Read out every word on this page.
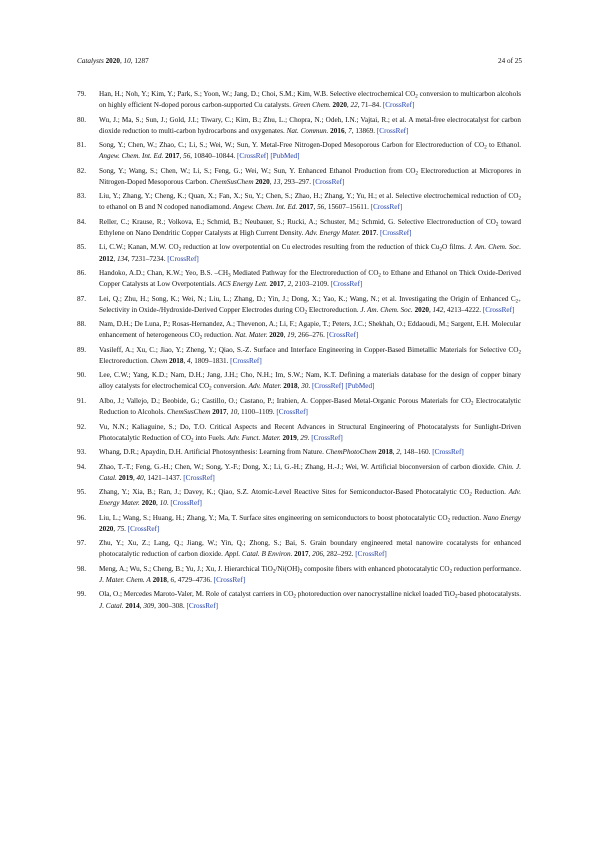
Catalysts 2020, 10, 1287	24 of 25
79. Han, H.; Noh, Y.; Kim, Y.; Park, S.; Yoon, W.; Jang, D.; Choi, S.M.; Kim, W.B. Selective electrochemical $CO_2$ conversion to multicarbon alcohols on highly efficient N-doped porous carbon-supported Cu catalysts. Green Chem. 2020, 22, 71–84. [CrossRef]
80. Wu, J.; Ma, S.; Sun, J.; Gold, J.I.; Tiwary, C.; Kim, B.; Zhu, L.; Chopra, N.; Odeh, I.N.; Vajtai, R.; et al. A metal-free electrocatalyst for carbon dioxide reduction to multi-carbon hydrocarbons and oxygenates. Nat. Commun. 2016, 7, 13869. [CrossRef]
81. Song, Y.; Chen, W.; Zhao, C.; Li, S.; Wei, W.; Sun, Y. Metal-Free Nitrogen-Doped Mesoporous Carbon for Electroreduction of $CO_2$ to Ethanol. Angew. Chem. Int. Ed. 2017, 56, 10840–10844. [CrossRef] [PubMed]
82. Song, Y.; Wang, S.; Chen, W.; Li, S.; Feng, G.; Wei, W.; Sun, Y. Enhanced Ethanol Production from $CO_2$ Electroreduction at Micropores in Nitrogen-Doped Mesoporous Carbon. ChemSusChem 2020, 13, 293–297. [CrossRef]
83. Liu, Y.; Zhang, Y.; Cheng, K.; Quan, X.; Fan, X.; Su, Y.; Chen, S.; Zhao, H.; Zhang, Y.; Yu, H.; et al. Selective electrochemical reduction of $CO_2$ to ethanol on B and N codoped nanodiamond. Angew. Chem. Int. Ed. 2017, 56, 15607–15611. [CrossRef]
84. Reller, C.; Krause, R.; Volkova, E.; Schmid, B.; Neubauer, S.; Rucki, A.; Schuster, M.; Schmid, G. Selective Electroreduction of $CO_2$ toward Ethylene on Nano Dendritic Copper Catalysts at High Current Density. Adv. Energy Mater. 2017. [CrossRef]
85. Li, C.W.; Kanan, M.W. $CO_2$ reduction at low overpotential on Cu electrodes resulting from the reduction of thick $Cu_2O$ films. J. Am. Chem. Soc. 2012, 134, 7231–7234. [CrossRef]
86. Handoko, A.D.; Chan, K.W.; Yeo, B.S. $-CH_3$ Mediated Pathway for the Electroreduction of $CO_2$ to Ethane and Ethanol on Thick Oxide-Derived Copper Catalysts at Low Overpotentials. ACS Energy Lett. 2017, 2, 2103–2109. [CrossRef]
87. Lei, Q.; Zhu, H.; Song, K.; Wei, N.; Liu, L.; Zhang, D.; Yin, J.; Dong, X.; Yao, K.; Wang, N.; et al. Investigating the Origin of Enhanced $C_{2+}$ Selectivity in Oxide-/Hydroxide-Derived Copper Electrodes during $CO_2$ Electroreduction. J. Am. Chem. Soc. 2020, 142, 4213–4222. [CrossRef]
88. Nam, D.H.; De Luna, P.; Rosas-Hernandez, A.; Thevenon, A.; Li, F.; Agapie, T.; Peters, J.C.; Shekhah, O.; Eddaoudi, M.; Sargent, E.H. Molecular enhancement of heterogeneous $CO_2$ reduction. Nat. Mater. 2020, 19, 266–276. [CrossRef]
89. Vasileff, A.; Xu, C.; Jiao, Y.; Zheng, Y.; Qiao, S.-Z. Surface and Interface Engineering in Copper-Based Bimetallic Materials for Selective $CO_2$ Electroreduction. Chem 2018, 4, 1809–1831. [CrossRef]
90. Lee, C.W.; Yang, K.D.; Nam, D.H.; Jang, J.H.; Cho, N.H.; Im, S.W.; Nam, K.T. Defining a materials database for the design of copper binary alloy catalysts for electrochemical $CO_2$ conversion. Adv. Mater. 2018, 30. [CrossRef] [PubMed]
91. Albo, J.; Vallejo, D.; Beobide, G.; Castillo, O.; Castano, P.; Irabien, A. Copper-Based Metal-Organic Porous Materials for $CO_2$ Electrocatalytic Reduction to Alcohols. ChemSusChem 2017, 10, 1100–1109. [CrossRef]
92. Vu, N.N.; Kaliaguine, S.; Do, T.O. Critical Aspects and Recent Advances in Structural Engineering of Photocatalysts for Sunlight-Driven Photocatalytic Reduction of $CO_2$ into Fuels. Adv. Funct. Mater. 2019, 29. [CrossRef]
93. Whang, D.R.; Apaydin, D.H. Artificial Photosynthesis: Learning from Nature. ChemPhotoChem 2018, 2, 148–160. [CrossRef]
94. Zhao, T.-T.; Feng, G.-H.; Chen, W.; Song, Y.-F.; Dong, X.; Li, G.-H.; Zhang, H.-J.; Wei, W. Artificial bioconversion of carbon dioxide. Chin. J. Catal. 2019, 40, 1421–1437. [CrossRef]
95. Zhang, Y.; Xia, B.; Ran, J.; Davey, K.; Qiao, S.Z. Atomic-Level Reactive Sites for Semiconductor-Based Photocatalytic $CO_2$ Reduction. Adv. Energy Mater. 2020, 10. [CrossRef]
96. Liu, L.; Wang, S.; Huang, H.; Zhang, Y.; Ma, T. Surface sites engineering on semiconductors to boost photocatalytic $CO_2$ reduction. Nano Energy 2020, 75. [CrossRef]
97. Zhu, Y.; Xu, Z.; Lang, Q.; Jiang, W.; Yin, Q.; Zhong, S.; Bai, S. Grain boundary engineered metal nanowire cocatalysts for enhanced photocatalytic reduction of carbon dioxide. Appl. Catal. B Environ. 2017, 206, 282–292. [CrossRef]
98. Meng, A.; Wu, S.; Cheng, B.; Yu, J.; Xu, J. Hierarchical $TiO_2/Ni(OH)_2$ composite fibers with enhanced photocatalytic $CO_2$ reduction performance. J. Mater. Chem. A 2018, 6, 4729–4736. [CrossRef]
99. Ola, O.; Mercedes Maroto-Valer, M. Role of catalyst carriers in $CO_2$ photoreduction over nanocrystalline nickel loaded TiO$_2$-based photocatalysts. J. Catal. 2014, 309, 300–308. [CrossRef]
